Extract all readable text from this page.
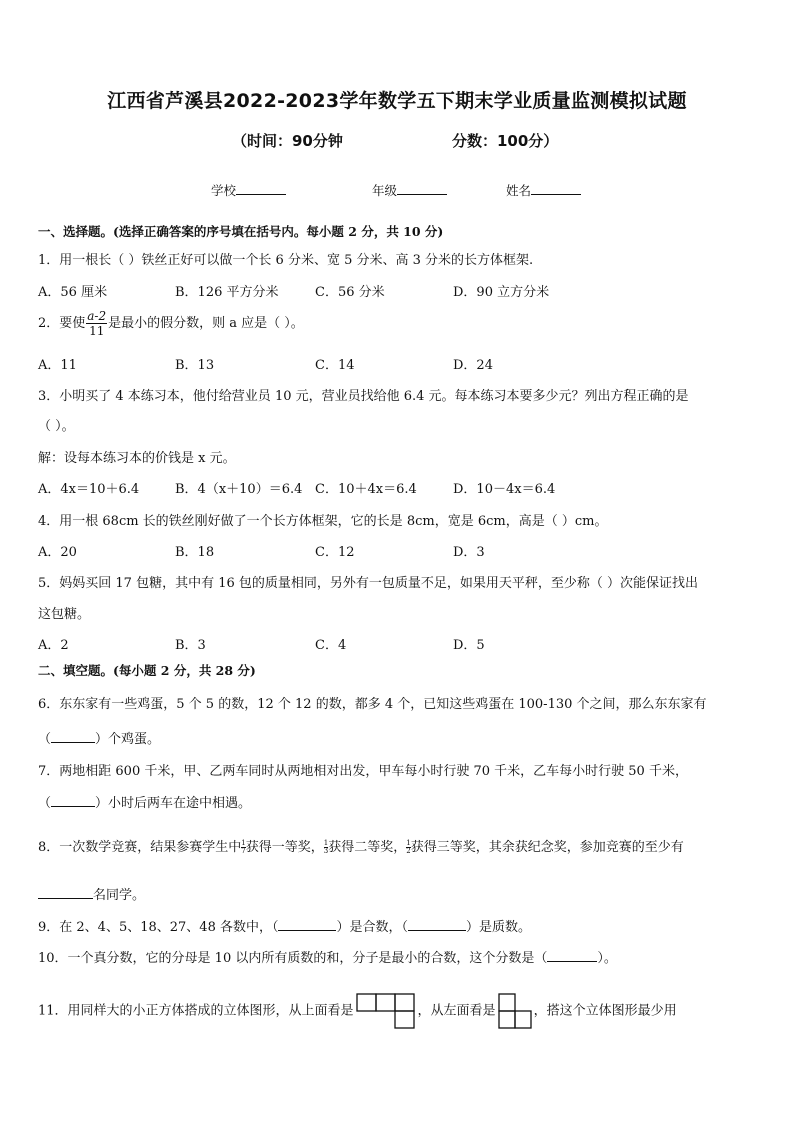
江西省芦溪县2022-2023学年数学五下期末学业质量监测模拟试题
（时间：90分钟	分数：100分）
学校	年级	姓名
一、选择题。(选择正确答案的序号填在括号内。每小题 2 分，共 10 分)
1．用一根长（ ）铁丝正好可以做一个长 6 分米、宽 5 分米、高 3 分米的长方体框架.
A．56 厘米	B．126 平方分米	C．56 分米	D．90 立方分米
2．要使 $\frac{a-2}{11}$ 是最小的假分数，则 a 应是（ ）。
A．11	B．13	C．14	D．24
3．小明买了 4 本练习本，他付给营业员 10 元，营业员找给他 6.4 元。每本练习本要多少元？列出方程正确的是
（ ）。
解：设每本练习本的价钱是 x 元。
A．4x＝10＋6.4	B．4（x＋10）＝6.4 C．10＋4x＝6.4	D．10－4x＝6.4
4．用一根 68cm 长的铁丝刚好做了一个长方体框架，它的长是 8cm，宽是 6cm，高是（ ）cm。
A．20	B．18	C．12	D．3
5．妈妈买回 17 包糖，其中有 16 包的质量相同，另外有一包质量不足，如果用天平秤，至少称（ ）次能保证找出
这包糖。
A．2	B．3	C．4	D．5
二、填空题。(每小题 2 分，共 28 分)
6．东东家有一些鸡蛋，5 个 5 的数，12 个 12 的数，都多 4 个，已知这些鸡蛋在 100-130 个之间，那么东东家有
（	）个鸡蛋。
7．两地相距 600 千米，甲、乙两车同时从两地相对出发，甲车每小时行驶 70 千米，乙车每小时行驶 50 千米，
（	）小时后两车在途中相遇。
8．一次数学竞赛，结果参赛学生中 $\frac{1}{7}$ 获得一等奖， $\frac{1}{3}$ 获得二等奖， $\frac{1}{2}$ 获得三等奖，其余获纪念奖，参加竞赛的至少有
名同学。
9．在 2、4、5、18、27、48 各数中，（	）是合数，（	）是质数。
10．一个真分数，它的分母是 10 以内所有质数的和，分子是最小的合数，这个分数是（	）。
11．用同样大的小正方体搭成的立体图形，从上面看是	，从左面看是	，搭这个立体图形最少用
